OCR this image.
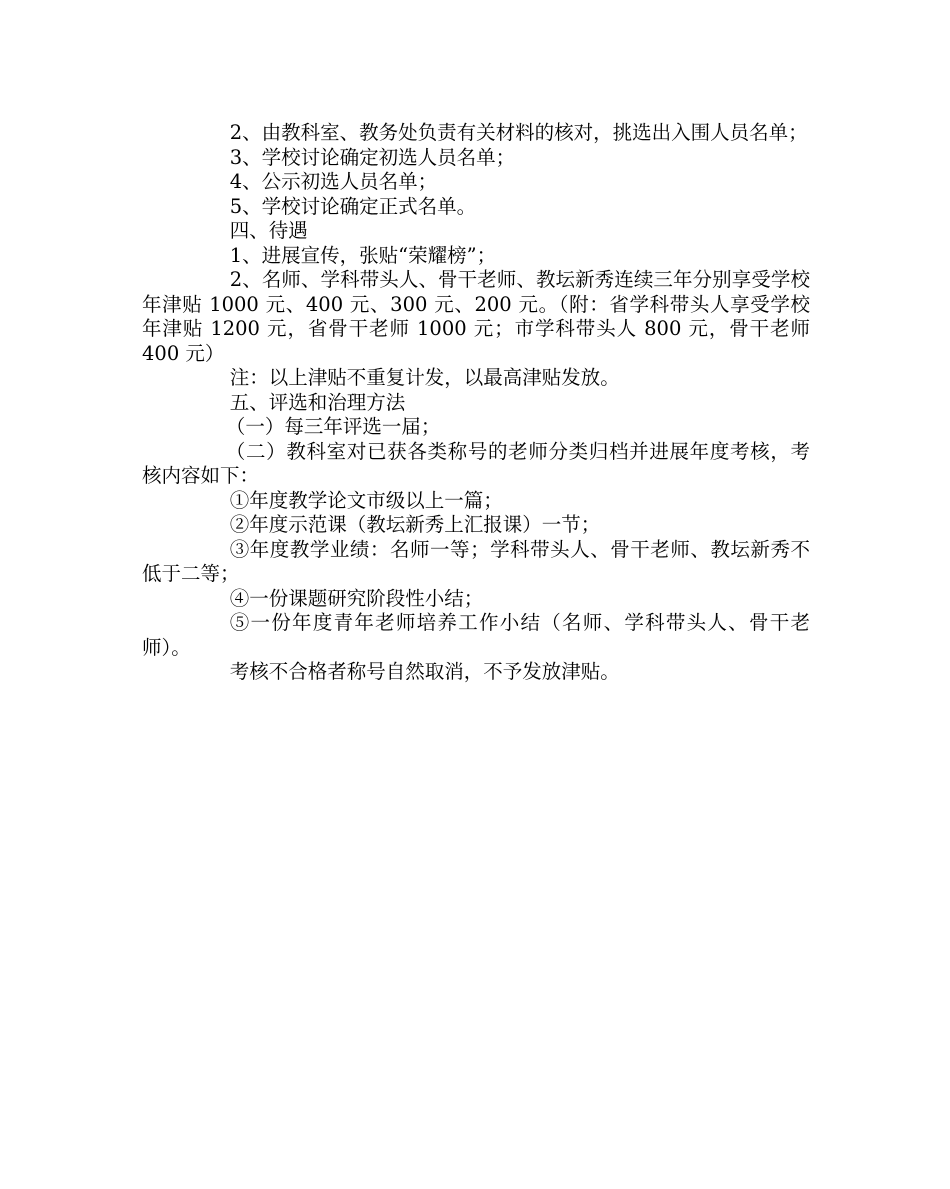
2、由教科室、教务处负责有关材料的核对，挑选出入围人员名单；

3、学校讨论确定初选人员名单；

4、公示初选人员名单；

5、学校讨论确定正式名单。

四、待遇

1、进展宣传，张贴“荣耀榜”；

2、名师、学科带头人、骨干老师、教坛新秀连续三年分别享受学校年津贴 1000 元、400 元、300 元、200 元。（附：省学科带头人享受学校年津贴 1200 元，省骨干老师 1000 元；市学科带头人 800 元，骨干老师 400 元）

注：以上津贴不重复计发，以最高津贴发放。

五、评选和治理方法

（一）每三年评选一届；

（二）教科室对已获各类称号的老师分类归档并进展年度考核，考核内容如下：

①年度教学论文市级以上一篇；

②年度示范课（教坛新秀上汇报课）一节；

③年度教学业绩：名师一等；学科带头人、骨干老师、教坛新秀不低于二等；

④一份课题研究阶段性小结；

⑤一份年度青年老师培养工作小结（名师、学科带头人、骨干老师）。

考核不合格者称号自然取消，不予发放津贴。
